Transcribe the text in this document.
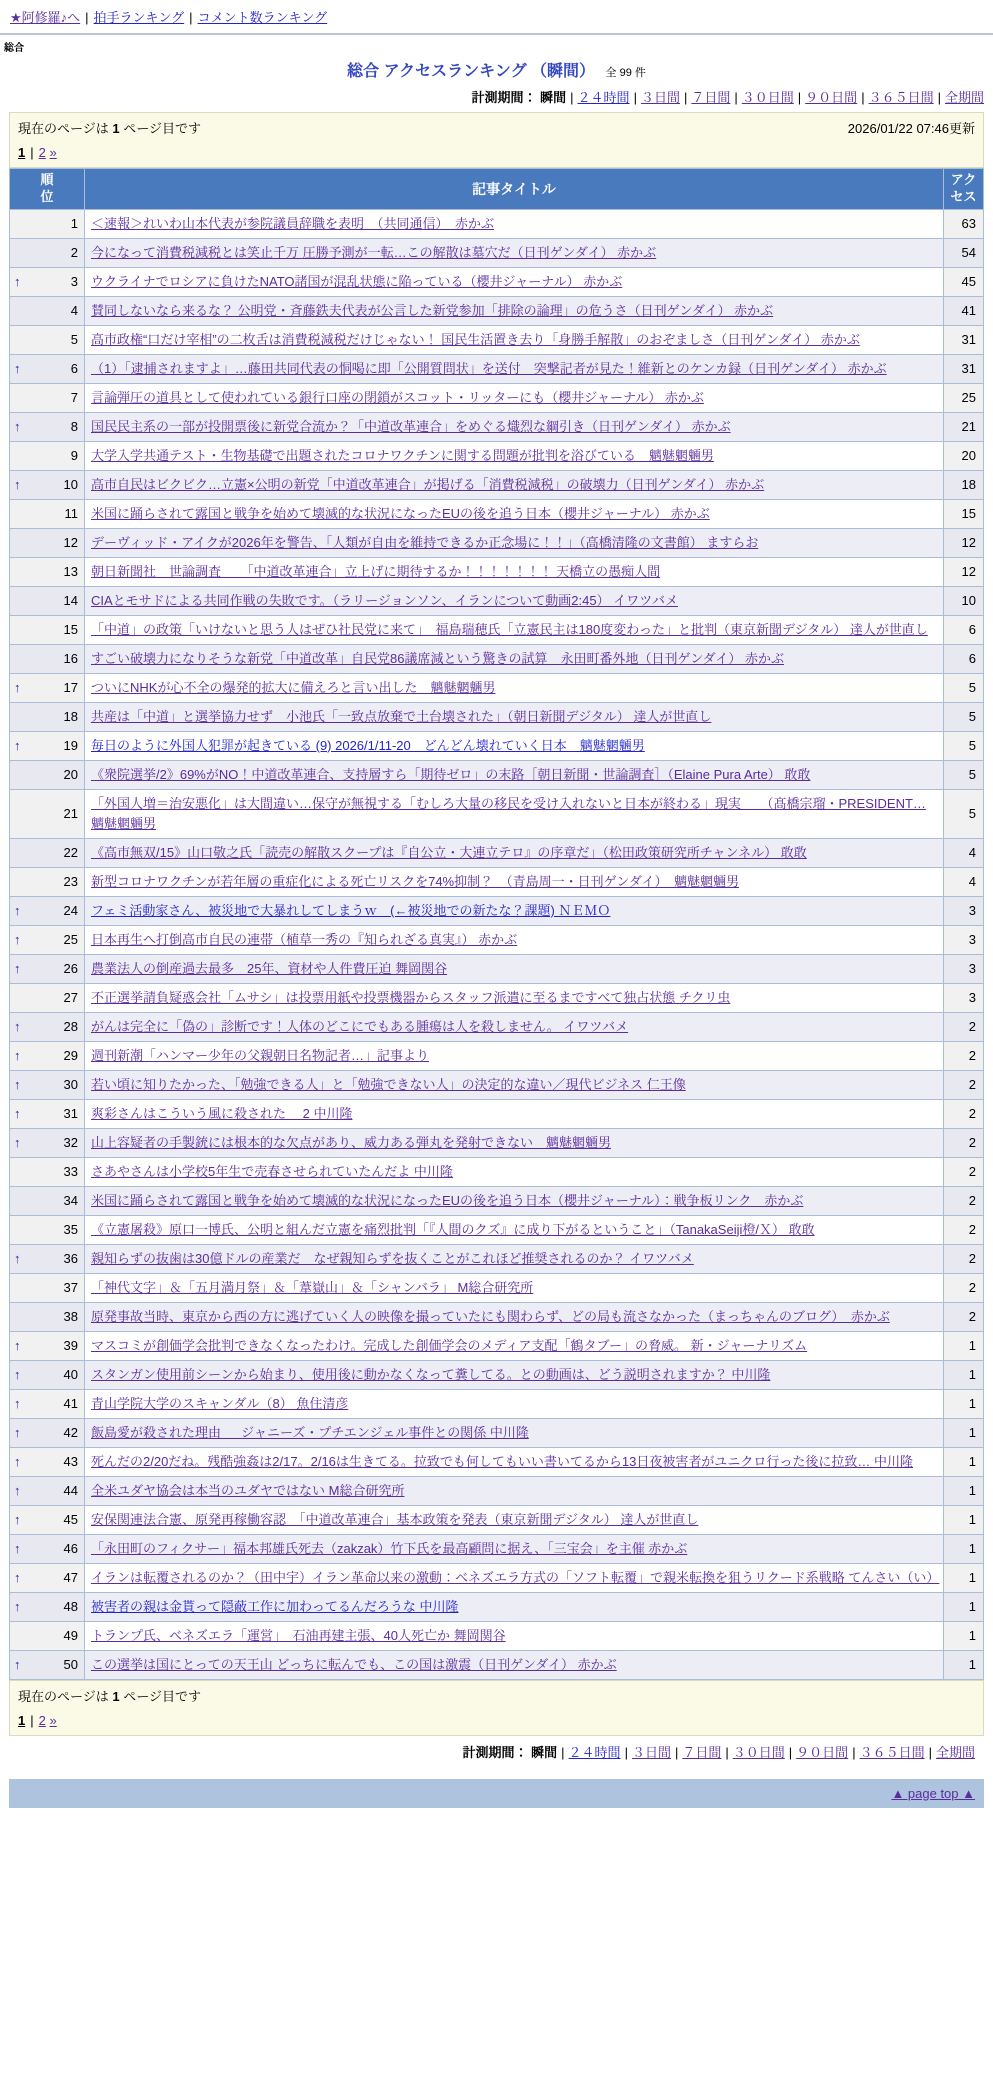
★阿修羅♪へ | 拍手ランキング | コメント数ランキング
総合
総合 アクセスランキング （瞬間） 全 99 件
計測期間： 瞬間 | ２４時間 | ３日間 | ７日間 | ３０日間 | ９０日間 | ３６５日間 | 全期間
現在のページは 1 ページ目です	2026/01/22 07:46更新
1 | 2 »
順
位	記事タイトル	アク
セス

1	＜速報＞れいわ山本代表が参院議員辞職を表明　（共同通信）　赤かぶ	63

2	今になって消費税減税とは笑止千万 圧勝予測が一転…この解散は墓穴だ（日刊ゲンダイ） 赤かぶ	54

↑ 3	ウクライナでロシアに負けたNATO諸国が混乱状態に陥っている（櫻井ジャーナル） 赤かぶ	45

4	賛同しないなら来るな？ 公明党・斉藤鉄夫代表が公言した新党参加「排除の論理」の危うさ（日刊ゲンダイ） 赤かぶ	41

5	高市政権“口だけ宰相”の二枚舌は消費税減税だけじゃない！ 国民生活置き去り「身勝手解散」のおぞましさ（日刊ゲンダイ） 赤かぶ	31

↑ 6	（1）「逮捕されますよ」…藤田共同代表の恫喝に即「公開質問状」を送付　突撃記者が見た！維新とのケンカ録（日刊ゲンダイ） 赤かぶ	31

7	言論弾圧の道具として使われている銀行口座の閉鎖がスコット・リッターにも（櫻井ジャーナル） 赤かぶ	25

↑ 8	国民民主系の一部が投開票後に新党合流か？「中道改革連合」をめぐる熾烈な綱引き（日刊ゲンダイ） 赤かぶ	21

9	大学入学共通テスト・生物基礎で出題されたコロナワクチンに関する問題が批判を浴びている　魑魅魍魎男	20

↑ 10	高市自民はビクビク…立憲×公明の新党「中道改革連合」が掲げる「消費税減税」の破壊力（日刊ゲンダイ） 赤かぶ	18

11	米国に踊らされて露国と戦争を始めて壊滅的な状況になったEUの後を追う日本（櫻井ジャーナル） 赤かぶ	15

12	デーヴィッド・アイクが2026年を警告、「人類が自由を維持できるか正念場に！！」（高橋清隆の文書館） ますらお	12

13	朝日新聞社　世論調査　　「中道改革連合」立上げに期待するか！！！！！！！ 天橋立の愚痴人間	12

14	CIAとモサドによる共同作戦の失敗です。（ラリージョンソン、イランについて動画2:45） イワツバメ	10

15	「中道」の政策「いけないと思う人はぜひ社民党に来て」　福島瑞穂氏「立憲民主は180度変わった」と批判（東京新聞デジタル） 達人が世直し	6

16	すごい破壊力になりそうな新党「中道改革」自民党86議席減という驚きの試算　永田町番外地（日刊ゲンダイ） 赤かぶ	6

↑ 17	ついにNHKが心不全の爆発的拡大に備えろと言い出した　魑魅魍魎男	5

18	共産は「中道」と選挙協力せず　小池氏「一致点放棄で土台壊された」（朝日新聞デジタル） 達人が世直し	5

↑ 19	毎日のように外国人犯罪が起きている (9) 2026/1/11-20　どんどん壊れていく日本　魑魅魍魎男	5

20	《衆院選挙/2》69%がNO！中道改革連合、支持層すら「期待ゼロ」の末路［朝日新聞・世論調査］（Elaine Pura Arte） 敢敢	5

21	「外国人増＝治安悪化」は大間違い…保守が無視する「むしろ大量の移民を受け入れないと日本が終わる」現実　　（髙橋宗瑠・PRESIDENT… 魑魅魍魎男	5

22	《高市無双/15》山口敬之氏「読売の解散スクープは『自公立・大連立テロ』の序章だ」（松田政策研究所チャンネル） 敢敢	4

23	新型コロナワクチンが若年層の重症化による死亡リスクを74%抑制？　（青島周一・日刊ゲンダイ）　魑魅魍魎男	4

↑ 24	フェミ活動家さん、被災地で大暴れしてしまうｗ　(←被災地での新たな？課題) ＮＥＭＯ	3

↑ 25	日本再生へ打倒高市自民の連帯（植草一秀の『知られざる真実』） 赤かぶ	3

↑ 26	農業法人の倒産過去最多　25年、資材や人件費圧迫 舞岡関谷	3

27	不正選挙請負疑惑会社「ムサシ」は投票用紙や投票機器からスタッフ派遣に至るまですべて独占状態 チクリ虫	3

↑ 28	がんは完全に「偽の」診断です！人体のどこにでもある腫瘍は人を殺しません。 イワツバメ	2

↑ 29	週刊新潮「ハンマー少年の父親朝日名物記者…」記事より	2

↑ 30	若い頃に知りたかった、「勉強できる人」と「勉強できない人」の決定的な違い／現代ビジネス 仁王像	2

↑ 31	爽彩さんはこういう風に殺された ＿2 中川隆	2

↑ 32	山上容疑者の手製銃には根本的な欠点があり、威力ある弾丸を発射できない　魑魅魍魎男	2

33	さあやさんは小学校5年生で売春させられていたんだよ 中川隆	2

34	米国に踊らされて露国と戦争を始めて壊滅的な状況になったEUの後を追う日本（櫻井ジャーナル）：戦争板リンク　赤かぶ	2

35	《立憲屠殺》原口一博氏、公明と組んだ立憲を痛烈批判「『人間のクズ』に成り下がるということ」（TanakaSeiji橙/Ｘ） 敢敢	2

↑ 36	親知らずの抜歯は30億ドルの産業だ　なぜ親知らずを抜くことがこれほど推奨されるのか？ イワツバメ	2

37	「神代文字」＆「五月満月祭」＆「葦嶽山」＆「シャンバラ」 M総合研究所	2

38	原発事故当時、東京から西の方に逃げていく人の映像を撮っていたにも関わらず、どの局も流さなかった（まっちゃんのブログ）　赤かぶ	2

↑ 39	マスコミが創価学会批判できなくなったわけ。完成した創価学会のメディア支配「鶴タブー」の脅威。 新・ジャーナリズム	1

↑ 40	スタンガン使用前シーンから始まり、使用後に動かなくなって糞してる。との動画は、どう説明されますか？ 中川隆	1

↑ 41	青山学院大学のスキャンダル（8） 魚住清彦	1

↑ 42	飯島愛が殺された理由 ＿ ジャニーズ・プチエンジェル事件との関係 中川隆	1

↑ 43	死んだの2/20だね。残酷強姦は2/17。2/16は生きてる。拉致でも何してもいい書いてるから13日夜被害者がユニクロ行った後に拉致… 中川隆	1

↑ 44	全米ユダヤ協会は本当のユダヤではない M総合研究所	1

↑ 45	安保関連法合憲、原発再稼働容認　「中道改革連合」基本政策を発表（東京新聞デジタル） 達人が世直し	1

↑ 46	「永田町のフィクサー」福本邦雄氏死去（zakzak）竹下氏を最高顧問に据え、「三宝会」を主催 赤かぶ	1

↑ 47	イランは転覆されるのか？（田中宇）イラン革命以来の激動：ベネズエラ方式の「ソフト転覆」で親米転換を狙うリクード系戦略 てんさい（い）	1

↑ 48	被害者の親は金貰って隠蔽工作に加わってるんだろうな 中川隆	1

49	トランプ氏、ベネズエラ「運営」　石油再建主張、40人死亡か 舞岡関谷	1

↑ 50	この選挙は国にとっての天王山 どっちに転んでも、この国は激震（日刊ゲンダイ） 赤かぶ	1
現在のページは 1 ページ目です
1 | 2 »
計測期間： 瞬間 | ２４時間 | ３日間 | ７日間 | ３０日間 | ９０日間 | ３６５日間 | 全期間
▲ page top ▲
